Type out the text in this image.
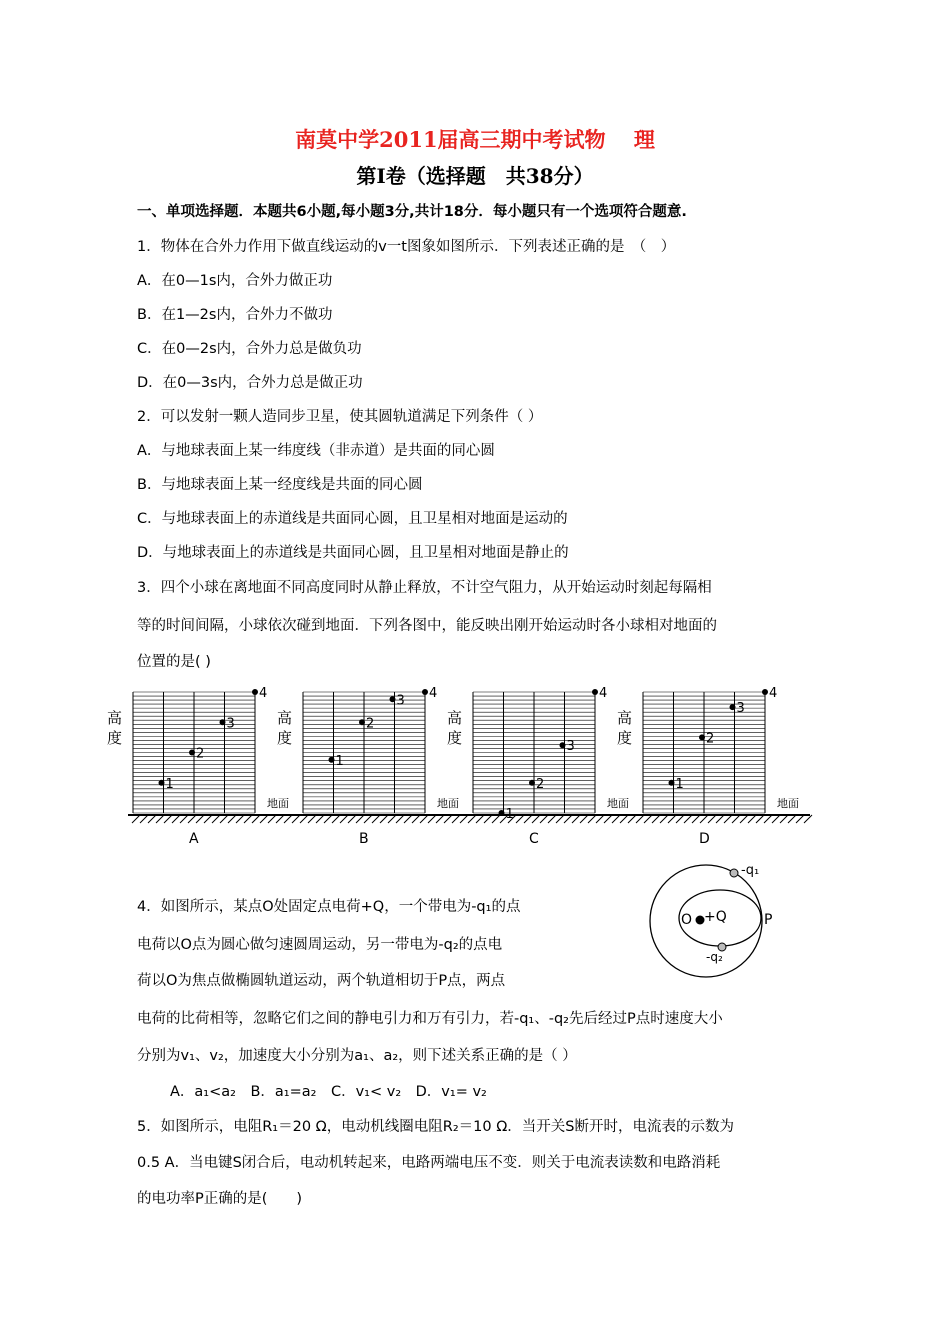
南莫中学2011届高三期中考试物　 理
第Ⅰ卷（选择题　共38分）
一、单项选择题．本题共6小题,每小题3分,共计18分．每小题只有一个选项符合题意.
1．物体在合外力作用下做直线运动的v一t图象如图所示．下列表述正确的是　（　）
A．在0—1s内，合外力做正功
B．在1—2s内，合外力不做功
C．在0—2s内，合外力总是做负功
D．在0—3s内，合外力总是做正功
2．可以发射一颗人造同步卫星，使其圆轨道满足下列条件（ ）
A．与地球表面上某一纬度线（非赤道）是共面的同心圆
B．与地球表面上某一经度线是共面的同心圆
C．与地球表面上的赤道线是共面同心圆，且卫星相对地面是运动的
D．与地球表面上的赤道线是共面同心圆，且卫星相对地面是静止的
3．四个小球在离地面不同高度同时从静止释放，不计空气阻力，从开始运动时刻起每隔相
等的时间间隔，小球依次碰到地面．下列各图中，能反映出刚开始运动时各小球相对地面的
位置的是( )
高
度
地面
A
1
2
3
4
高
度
地面
B
1
2
3 4
高
度
地面
C
1
2
3
4
高
度
地面
D
1
2
3
4
4．如图所示，某点O处固定点电荷+Q，一个带电为-q₁的点
电荷以O点为圆心做匀速圆周运动，另一带电为-q₂的点电
荷以O为焦点做椭圆轨道运动，两个轨道相切于P点，两点
电荷的比荷相等，忽略它们之间的静电引力和万有引力，若-q₁、-q₂先后经过P点时速度大小
分别为v₁、v₂，加速度大小分别为a₁、a₂，则下述关系正确的是（ ）
A．a₁<a₂　B．a₁=a₂　C．v₁< v₂　D．v₁= v₂
-q₁
-q₂
O +Q	P
5．如图所示，电阻R₁＝20 Ω，电动机线圈电阻R₂＝10 Ω．当开关S断开时，电流表的示数为
0.5 A．当电键S闭合后，电动机转起来，电路两端电压不变．则关于电流表读数和电路消耗
的电功率P正确的是(　　)
